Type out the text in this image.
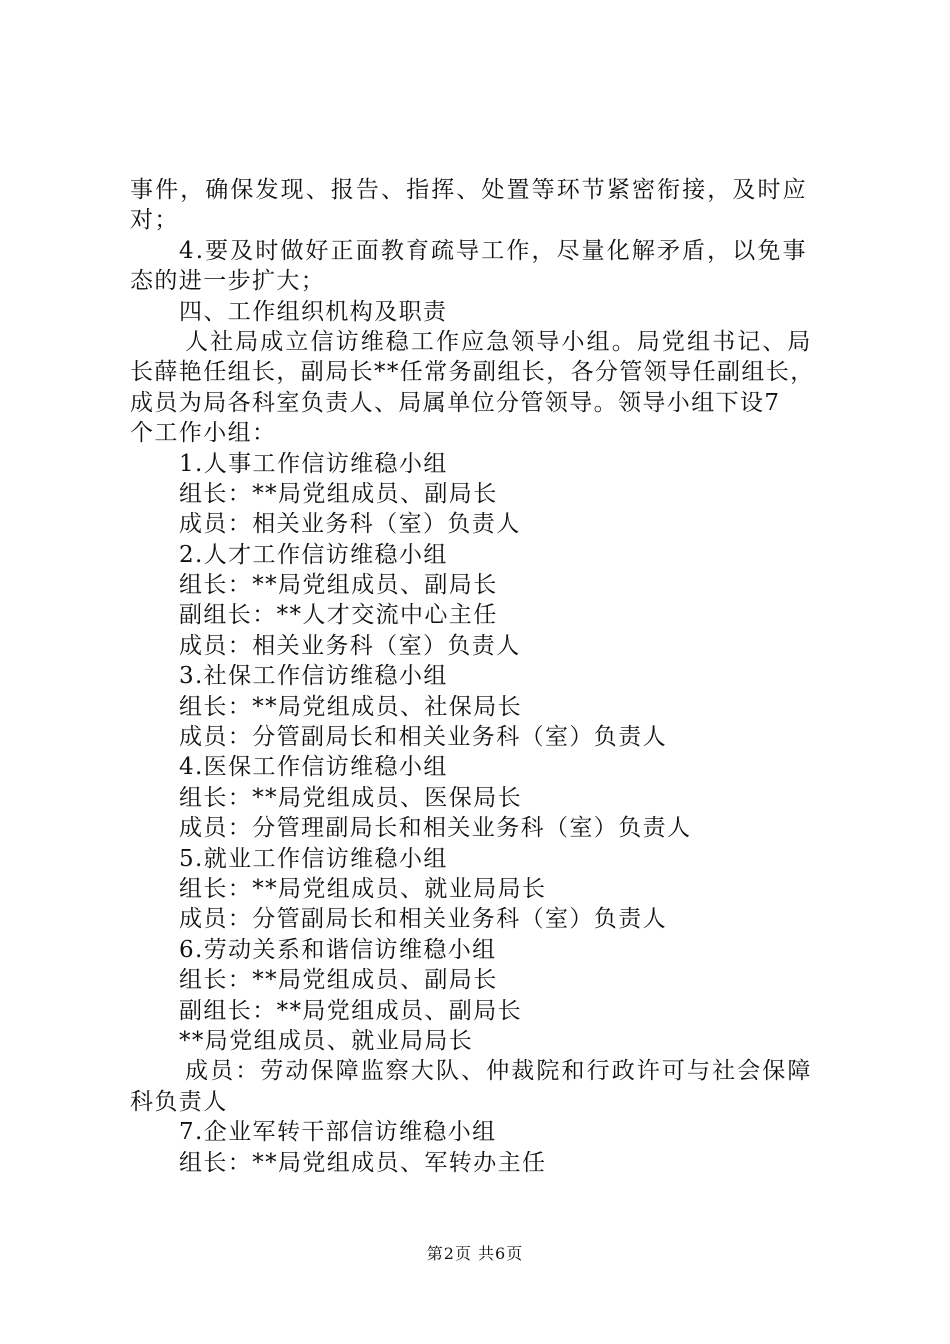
事件，确保发现、报告、指挥、处置等环节紧密衔接，及时应
对；
4.要及时做好正面教育疏导工作，尽量化解矛盾，以免事
态的进一步扩大；
四、工作组织机构及职责
人社局成立信访维稳工作应急领导小组。局党组书记、局
长薛艳任组长，副局长**任常务副组长，各分管领导任副组长，
成员为局各科室负责人、局属单位分管领导。领导小组下设7
个工作小组：
1.人事工作信访维稳小组
组长：**局党组成员、副局长
成员：相关业务科（室）负责人
2.人才工作信访维稳小组
组长：**局党组成员、副局长
副组长：**人才交流中心主任
成员：相关业务科（室）负责人
3.社保工作信访维稳小组
组长：**局党组成员、社保局长
成员：分管副局长和相关业务科（室）负责人
4.医保工作信访维稳小组
组长：**局党组成员、医保局长
成员：分管理副局长和相关业务科（室）负责人
5.就业工作信访维稳小组
组长：**局党组成员、就业局局长
成员：分管副局长和相关业务科（室）负责人
6.劳动关系和谐信访维稳小组
组长：**局党组成员、副局长
副组长：**局党组成员、副局长
**局党组成员、就业局局长
成员：劳动保障监察大队、仲裁院和行政许可与社会保障
科负责人
7.企业军转干部信访维稳小组
组长：**局党组成员、军转办主任
第2页 共6页
